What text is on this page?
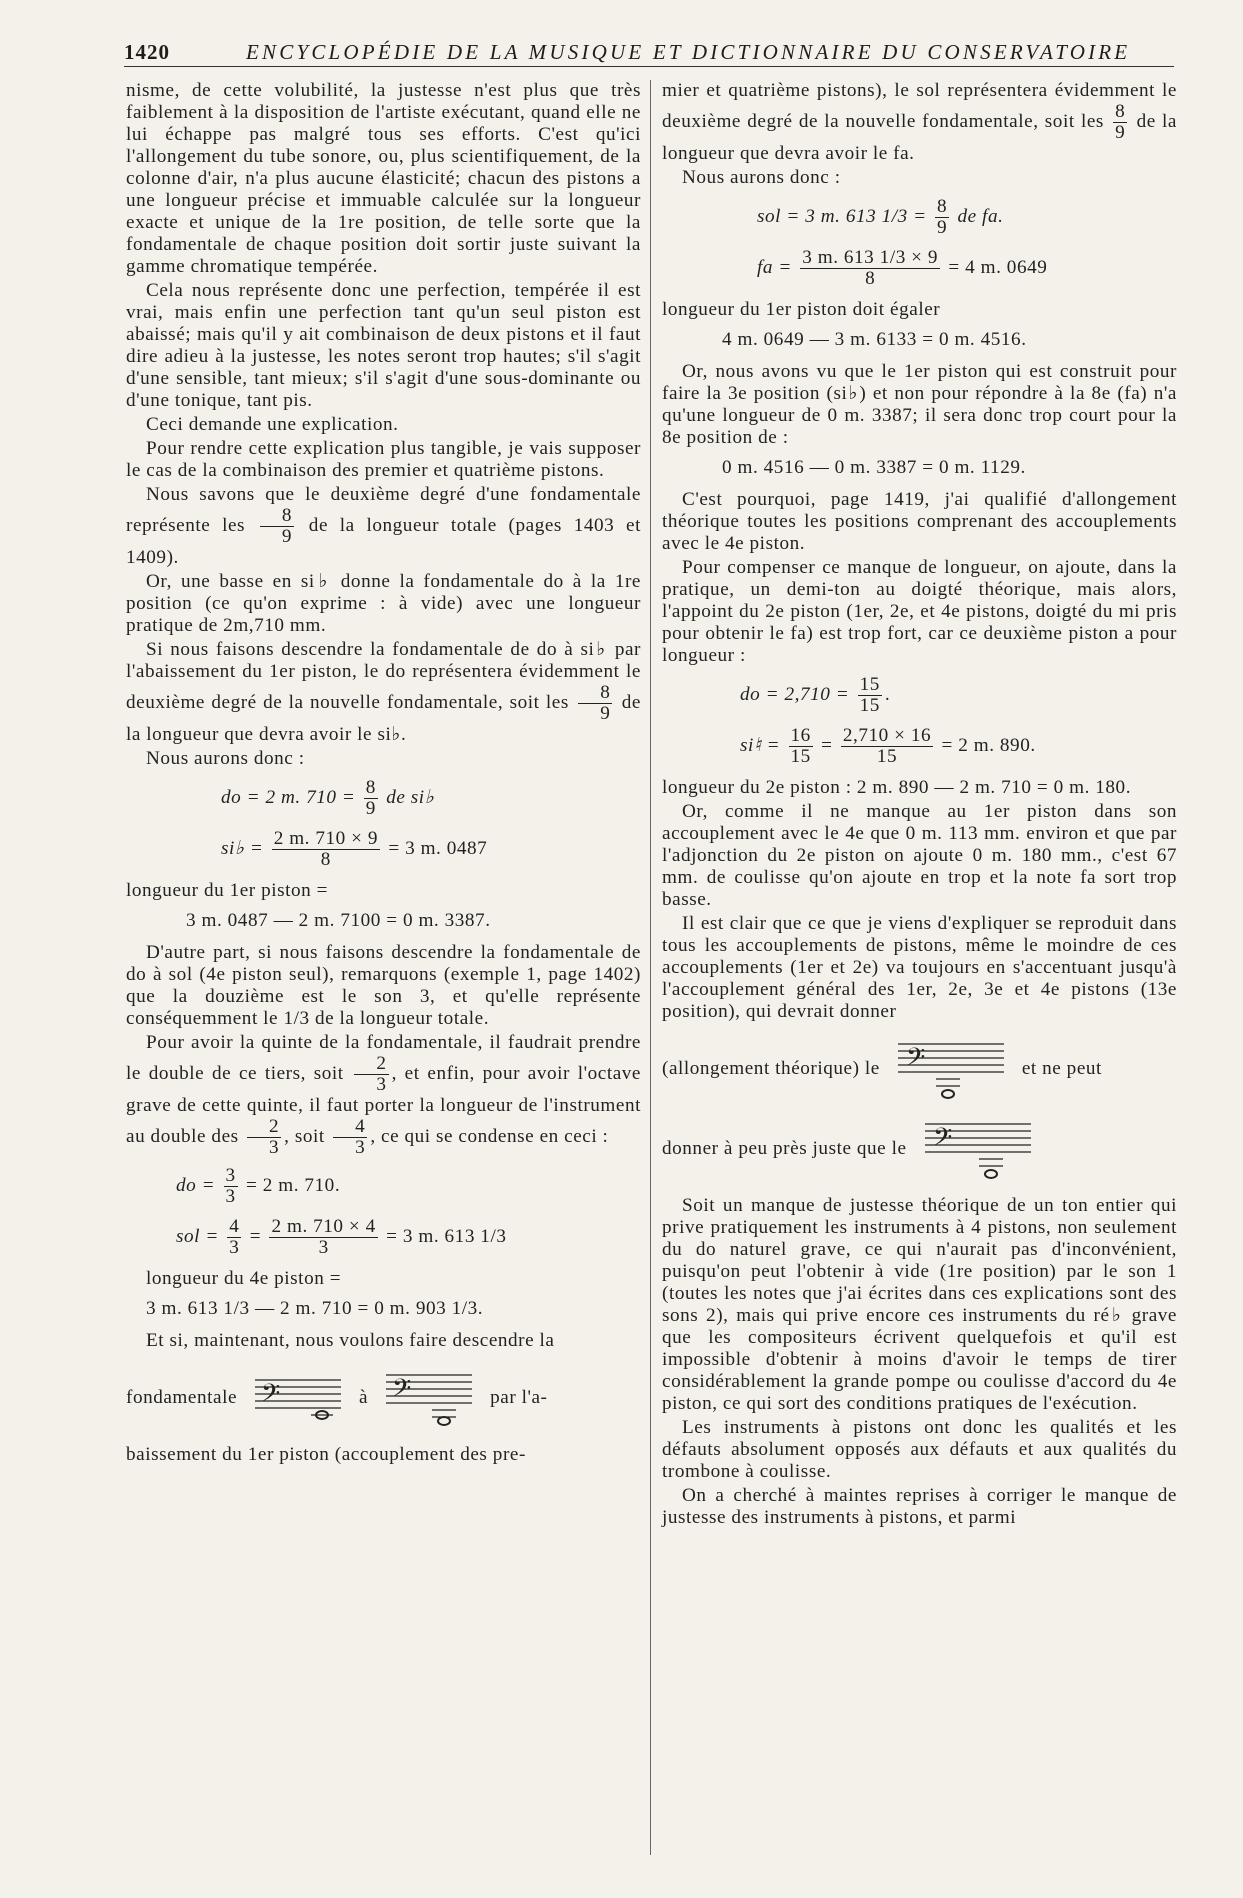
1420	ENCYCLOPÉDIE DE LA MUSIQUE ET DICTIONNAIRE DU CONSERVATOIRE

nisme, de cette volubilité, la justesse n'est plus que très faiblement à la disposition de l'artiste exécutant, quand elle ne lui échappe pas malgré tous ses efforts. C'est qu'ici l'allongement du tube sonore, ou, plus scientifiquement, de la colonne d'air, n'a plus aucune élasticité; chacun des pistons a une longueur précise et immuable calculée sur la longueur exacte et unique de la 1re position, de telle sorte que la fondamentale de chaque position doit sortir juste suivant la gamme chromatique tempérée.

Cela nous représente donc une perfection, tempérée il est vrai, mais enfin une perfection tant qu'un seul piston est abaissé; mais qu'il y ait combinaison de deux pistons et il faut dire adieu à la justesse, les notes seront trop hautes; s'il s'agit d'une sensible, tant mieux; s'il s'agit d'une sous-dominante ou d'une tonique, tant pis.

Ceci demande une explication.

Pour rendre cette explication plus tangible, je vais supposer le cas de la combinaison des premier et quatrième pistons.

Nous savons que le deuxième degré d'une fondamentale représente les $\frac{8}{9}$ de la longueur totale (pages 1403 et 1409).

Or, une basse en si♭ donne la fondamentale do à la 1re position (ce qu'on exprime : à vide) avec une longueur pratique de 2m,710 mm.

Si nous faisons descendre la fondamentale de do à si♭ par l'abaissement du 1er piston, le do représentera évidemment le deuxième degré de la nouvelle fondamentale, soit les $\frac{8}{9}$ de la longueur que devra avoir le si♭.

Nous aurons donc :

do = 2 m. $710 = \frac{8}{9}$ de si♭
si♭ = $\frac{2 m. 710 \times 9}{8} = 3$ m. 0487

longueur du 1er piston =

3 m. 0487 — 2 m. 7100 = 0 m. 3387.

D'autre part, si nous faisons descendre la fondamentale de do à sol (4e piston seul), remarquons (exemple 1, page 1402) que la douzième est le son 3, et qu'elle représente conséquemment le 1/3 de la longueur totale.

Pour avoir la quinte de la fondamentale, il faudrait prendre le double de ce tiers, soit $\frac{2}{3}$ , et enfin, pour avoir l'octave grave de cette quinte, il faut porter la longueur de l'instrument au double des $\frac{2}{3}$ , soit $\frac{4}{3}$ , ce qui se condense en ceci :

do = $\frac{3}{3} = 2$ m. 710.
sol = $\frac{4}{3} = \frac{2 m. 710 \times 4}{3} = 3$ m. 613 1/3

longueur du 4e piston =

3 m. 613 1/3 — 2 m. 710 = 0 m. 903 1/3.

Et si, maintenant, nous voulons faire descendre la

fondamentale 𝄢	à 𝄢	par l'a-

baissement du 1er piston (accouplement des pre-

mier et quatrième pistons), le sol représentera évidemment le deuxième degré de la nouvelle fondamentale, soit les $\frac{8}{9}$ de la longueur que devra avoir le fa.

Nous aurons donc :

sol = 3 m. 613 $1/3 = \frac{8}{9}$ de fa.
fa = $\frac{3 m. 613 1/3 \times 9}{8} = 4$ m. 0649

longueur du 1er piston doit égaler

4 m. 0649 — 3 m. 6133 = 0 m. 4516.

Or, nous avons vu que le 1er piston qui est construit pour faire la 3e position (si♭) et non pour répondre à la 8e (fa) n'a qu'une longueur de 0 m. 3387; il sera donc trop court pour la 8e position de :

0 m. 4516 — 0 m. 3387 = 0 m. 1129.

C'est pourquoi, page 1419, j'ai qualifié d'allongement théorique toutes les positions comprenant des accouplements avec le 4e piston.

Pour compenser ce manque de longueur, on ajoute, dans la pratique, un demi-ton au doigté théorique, mais alors, l'appoint du 2e piston (1er, 2e, et 4e pistons, doigté du mi pris pour obtenir le fa) est trop fort, car ce deuxième piston a pour longueur :

do = $2,710 = \frac{15}{15}$ .
si♮ = $\frac{16}{15} = \frac{2,710 \times 16}{15} = 2$ m. 890.

longueur du 2e piston : 2 m. 890 — 2 m. 710 = 0 m. 180.

Or, comme il ne manque au 1er piston dans son accouplement avec le 4e que 0 m. 113 mm. environ et que par l'adjonction du 2e piston on ajoute 0 m. 180 mm., c'est 67 mm. de coulisse qu'on ajoute en trop et la note fa sort trop basse.

Il est clair que ce que je viens d'expliquer se reproduit dans tous les accouplements de pistons, même le moindre de ces accouplements (1er et 2e) va toujours en s'accentuant jusqu'à l'accouplement général des 1er, 2e, 3e et 4e pistons (13e position), qui devrait donner

(allongement théorique) le 𝄢	et ne peut
donner à peu près juste que le 𝄢

Soit un manque de justesse théorique de un ton entier qui prive pratiquement les instruments à 4 pistons, non seulement du do naturel grave, ce qui n'aurait pas d'inconvénient, puisqu'on peut l'obtenir à vide (1re position) par le son 1 (toutes les notes que j'ai écrites dans ces explications sont des sons 2), mais qui prive encore ces instruments du ré♭ grave que les compositeurs écrivent quelquefois et qu'il est impossible d'obtenir à moins d'avoir le temps de tirer considérablement la grande pompe ou coulisse d'accord du 4e piston, ce qui sort des conditions pratiques de l'exécution.

Les instruments à pistons ont donc les qualités et les défauts absolument opposés aux défauts et aux qualités du trombone à coulisse.

On a cherché à maintes reprises à corriger le manque de justesse des instruments à pistons, et parmi
